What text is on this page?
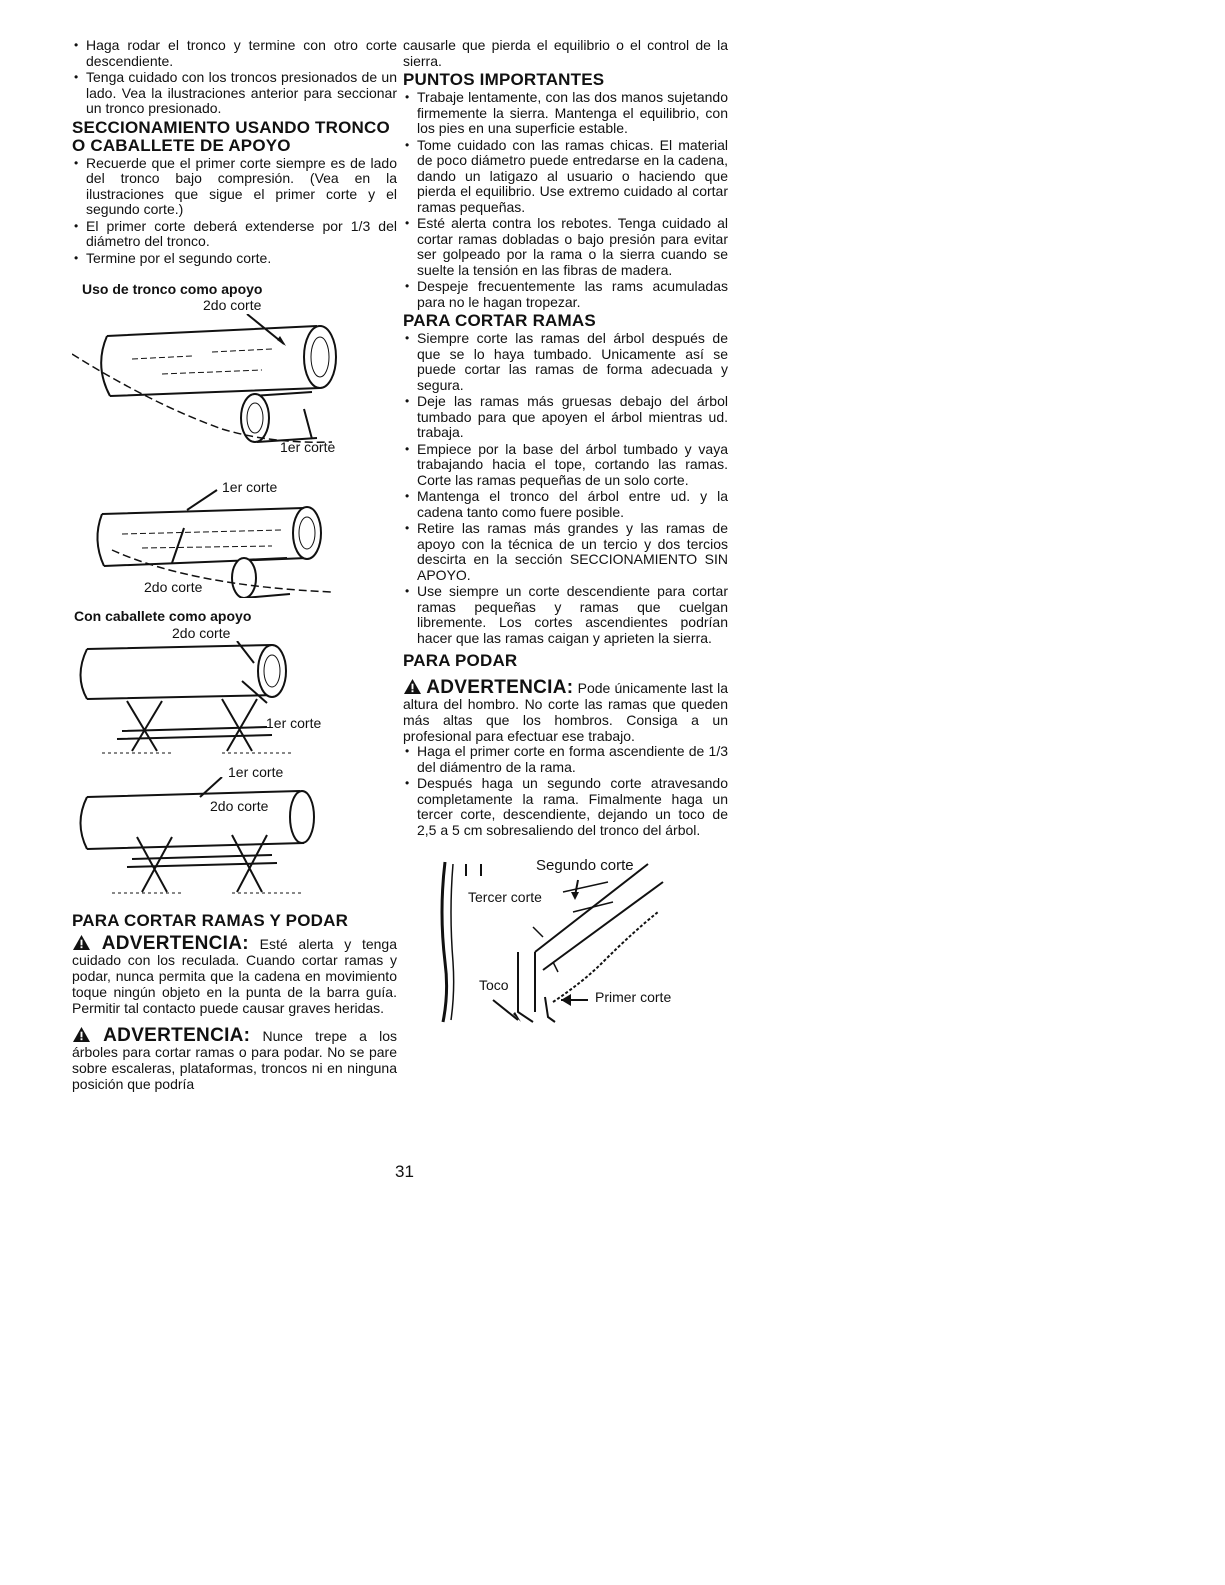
• Haga rodar el tronco y termine con otro corte descendiente.
• Tenga cuidado con los troncos presionados de un lado. Vea la ilustraciones anterior para seccionar un tronco presionado.
SECCIONAMIENTO USANDO TRONCO O CABALLETE DE APOYO
• Recuerde que el primer corte siempre es de lado del tronco bajo compresión. (Vea en la ilustraciones que sigue el primer corte y el segundo corte.)
• El primer corte deberá extenderse por 1/3 del diámetro del tronco.
• Termine por el segundo corte.
Uso de tronco como apoyo
2do corte
1er corte
1er corte
2do corte
Con caballete como apoyo
2do corte
1er corte
1er corte
2do corte
PARA CORTAR RAMAS Y PODAR
ADVERTENCIA: Esté alerta y tenga cuidado con los reculada. Cuando cortar ramas y podar, nunca permita que la cadena en movimiento toque ningún objeto en la punta de la barra guía. Permitir tal contacto puede causar graves heridas.
ADVERTENCIA: Nunce trepe a los árboles para cortar ramas o para podar. No se pare sobre escaleras, plataformas, troncos ni en ninguna posición que podría

causarle que pierda el equilibrio o el control de la sierra.

PUNTOS IMPORTANTES
• Trabaje lentamente, con las dos manos sujetando firmemente la sierra. Mantenga el equilibrio, con los pies en una superficie estable.
• Tome cuidado con las ramas chicas. El material de poco diámetro puede entredarse en la cadena, dando un latigazo al usuario o haciendo que pierda el equilibrio. Use extremo cuidado al cortar ramas pequeñas.
• Esté alerta contra los rebotes. Tenga cuidado al cortar ramas dobladas o bajo presión para evitar ser golpeado por la rama o la sierra cuando se suelte la tensión en las fibras de madera.
• Despeje frecuentemente las rams acumuladas para no le hagan tropezar.
PARA CORTAR RAMAS
• Siempre corte las ramas del árbol después de que se lo haya tumbado. Unicamente así se puede cortar las ramas de forma adecuada y segura.
• Deje las ramas más gruesas debajo del árbol tumbado para que apoyen el árbol mientras ud. trabaja.
• Empiece por la base del árbol tumbado y vaya trabajando hacia el tope, cortando las ramas. Corte las ramas pequeñas de un solo corte.
• Mantenga el tronco del árbol entre ud. y la cadena tanto como fuere posible.
• Retire las ramas más grandes y las ramas de apoyo con la técnica de un tercio y dos tercios descirta en la sección SECCIONAMIENTO SIN APOYO.
• Use siempre un corte descendiente para cortar ramas pequeñas y ramas que cuelgan libremente. Los cortes ascendientes podrían hacer que las ramas caigan y aprieten la sierra.
PARA PODAR
ADVERTENCIA: Pode únicamente last la altura del hombro. No corte las ramas que queden más altas que los hombros. Consiga a un profesional para efectuar ese trabajo.
• Haga el primer corte en forma ascendiente de 1/3 del diámentro de la rama.
• Después haga un segundo corte atravesando completamente la rama. Fimalmente haga un tercer corte, descendiente, dejando un toco de 2,5 a 5 cm sobresaliendo del tronco del árbol.
Segundo corte
Tercer corte
Toco
Primer corte
31
